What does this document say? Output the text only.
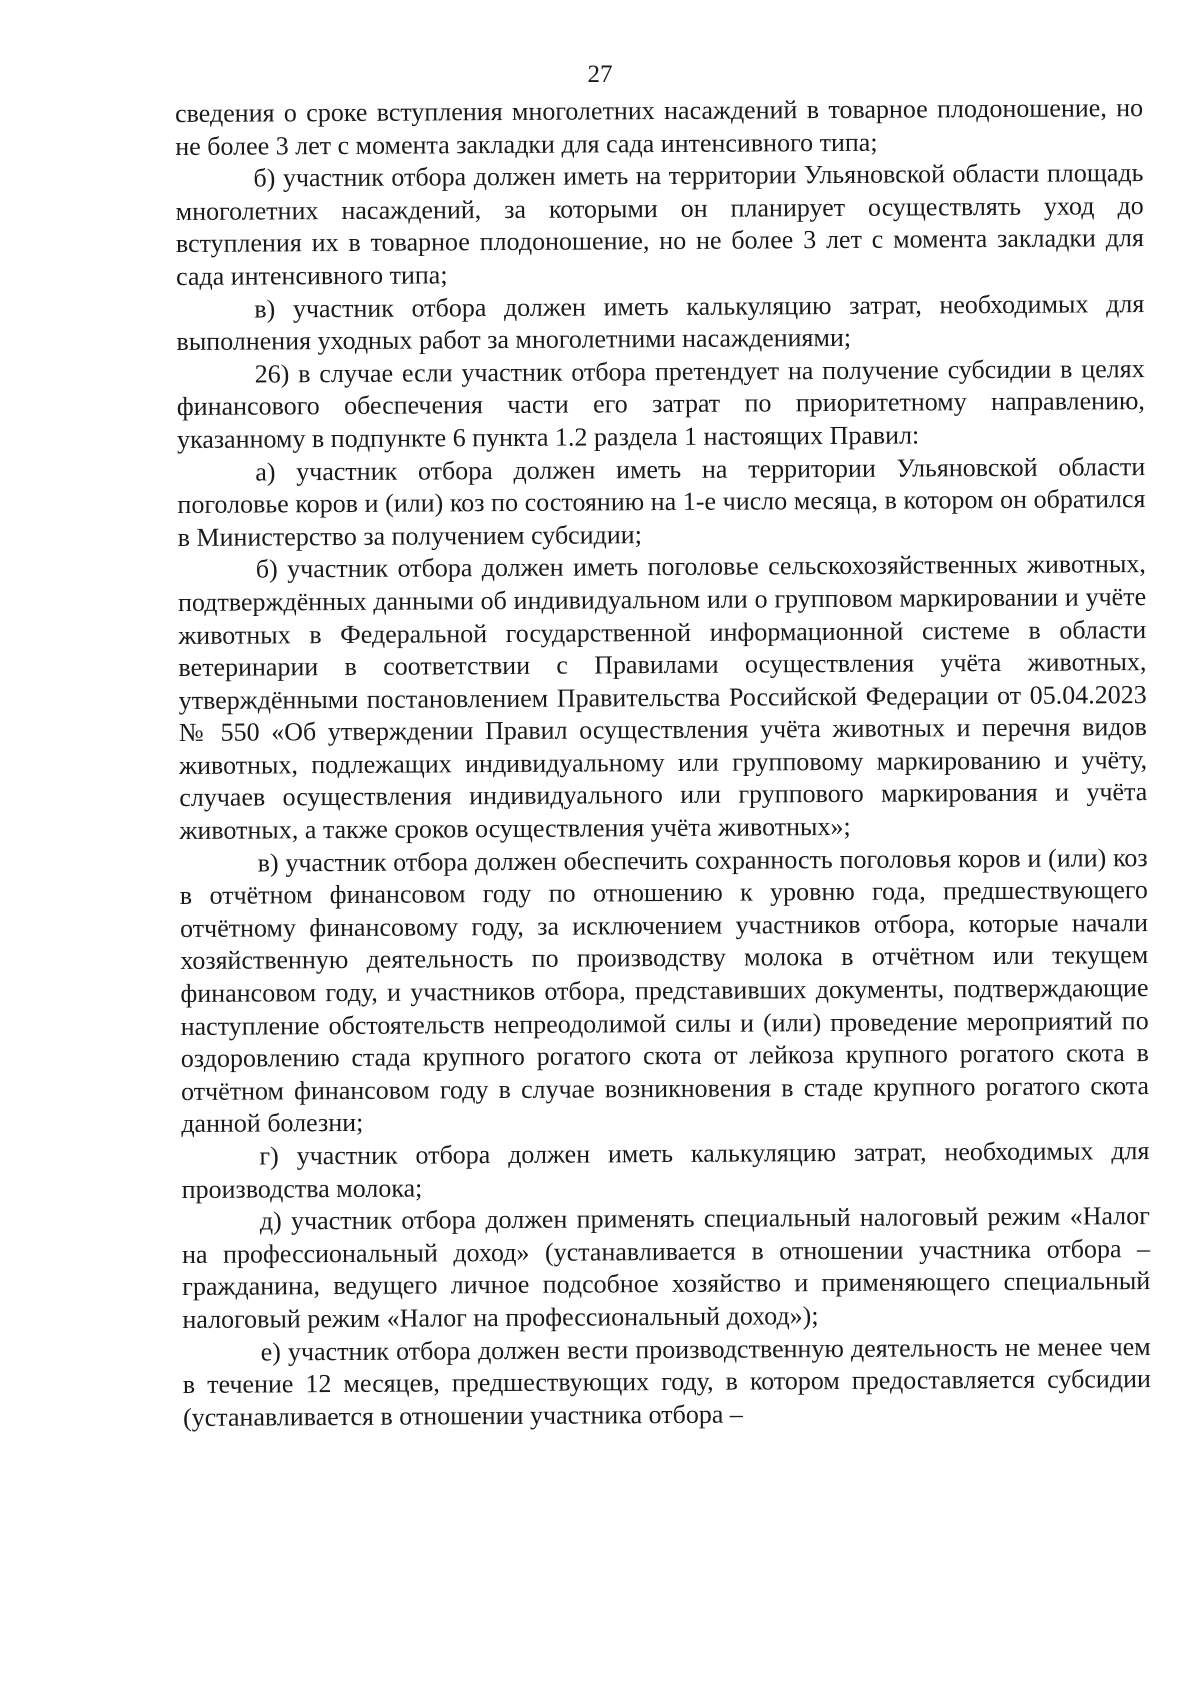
27

сведения о сроке вступления многолетних насаждений в товарное плодоношение, но не более 3 лет с момента закладки для сада интенсивного типа;

б) участник отбора должен иметь на территории Ульяновской области площадь многолетних насаждений, за которыми он планирует осуществлять уход до вступления их в товарное плодоношение, но не более 3 лет с момента закладки для сада интенсивного типа;

в) участник отбора должен иметь калькуляцию затрат, необходимых для выполнения уходных работ за многолетними насаждениями;

26) в случае если участник отбора претендует на получение субсидии в целях финансового обеспечения части его затрат по приоритетному направлению, указанному в подпункте 6 пункта 1.2 раздела 1 настоящих Правил:

а) участник отбора должен иметь на территории Ульяновской области поголовье коров и (или) коз по состоянию на 1-е число месяца, в котором он обратился в Министерство за получением субсидии;

б) участник отбора должен иметь поголовье сельскохозяйственных животных, подтверждённых данными об индивидуальном или о групповом маркировании и учёте животных в Федеральной государственной информационной системе в области ветеринарии в соответствии с Правилами осуществления учёта животных, утверждёнными постановлением Правительства Российской Федерации от 05.04.2023 № 550 «Об утверждении Правил осуществления учёта животных и перечня видов животных, подлежащих индивидуальному или групповому маркированию и учёту, случаев осуществления индивидуального или группового маркирования и учёта животных, а также сроков осуществления учёта животных»;

в) участник отбора должен обеспечить сохранность поголовья коров и (или) коз в отчётном финансовом году по отношению к уровню года, предшествующего отчётному финансовому году, за исключением участников отбора, которые начали хозяйственную деятельность по производству молока в отчётном или текущем финансовом году, и участников отбора, представивших документы, подтверждающие наступление обстоятельств непреодолимой силы и (или) проведение мероприятий по оздоровлению стада крупного рогатого скота от лейкоза крупного рогатого скота в отчётном финансовом году в случае возникновения в стаде крупного рогатого скота данной болезни;

г) участник отбора должен иметь калькуляцию затрат, необходимых для производства молока;

д) участник отбора должен применять специальный налоговый режим «Налог на профессиональный доход» (устанавливается в отношении участника отбора – гражданина, ведущего личное подсобное хозяйство и применяющего специальный налоговый режим «Налог на профессиональный доход»);

е) участник отбора должен вести производственную деятельность не менее чем в течение 12 месяцев, предшествующих году, в котором предоставляется субсидии (устанавливается в отношении участника отбора –
